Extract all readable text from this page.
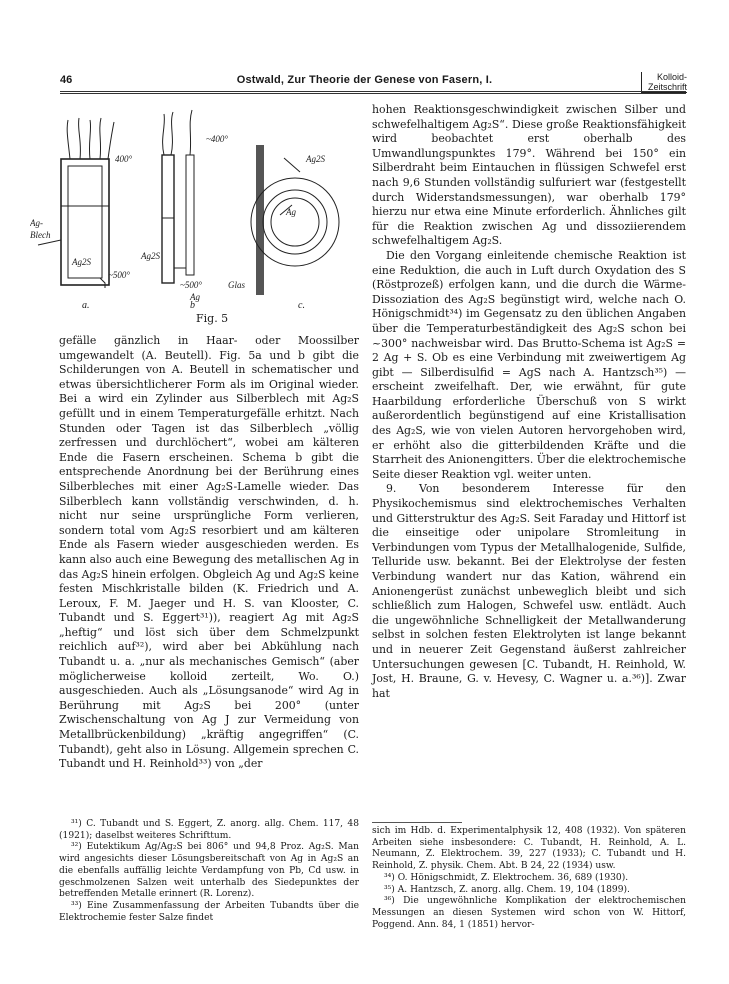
46	Ostwald, Zur Theorie der Genese von Fasern, I.	Kolloid-
Zeitschrift
400°
~400°
Ag-
Blech
Ag2S
Ag2S
Ag2S
Ag
~500°
~500°	Glas
Ag
a.	b	c.
Fig. 5

gefälle gänzlich in Haar- oder Moossilber umgewandelt (A. Beutell). Fig. 5a und b gibt die Schilderungen von A. Beutell in schematischer und etwas übersichtlicherer Form als im Original wieder. Bei a wird ein Zylinder aus Silberblech mit Ag₂S gefüllt und in einem Temperaturgefälle erhitzt. Nach Stunden oder Tagen ist das Silberblech „völlig zerfressen und durchlöchert“, wobei am kälteren Ende die Fasern erscheinen. Schema b gibt die entsprechende Anordnung bei der Berührung eines Silberbleches mit einer Ag₂S-Lamelle wieder. Das Silberblech kann vollständig verschwinden, d. h. nicht nur seine ursprüngliche Form verlieren, sondern total vom Ag₂S resorbiert und am kälteren Ende als Fasern wieder ausgeschieden werden. Es kann also auch eine Bewegung des metallischen Ag in das Ag₂S hinein erfolgen. Obgleich Ag und Ag₂S keine festen Mischkristalle bilden (K. Friedrich und A. Leroux, F. M. Jaeger und H. S. van Klooster, C. Tubandt und S. Eggert³¹)), reagiert Ag mit Ag₂S „heftig“ und löst sich über dem Schmelzpunkt reichlich auf³²), wird aber bei Abkühlung nach Tubandt u. a. „nur als mechanisches Gemisch“ (aber möglicherweise kolloid zerteilt, Wo. O.) ausgeschieden. Auch als „Lösungsanode“ wird Ag in Berührung mit Ag₂S bei 200° (unter Zwischenschaltung von Ag J zur Vermeidung von Metallbrückenbildung) „kräftig angegriffen“ (C. Tubandt), geht also in Lösung. Allgemein sprechen C. Tubandt und H. Reinhold³³) von „der

hohen Reaktionsgeschwindigkeit zwischen Silber und schwefelhaltigem Ag₂S“. Diese große Reaktionsfähigkeit wird beobachtet erst oberhalb des Umwandlungspunktes 179°. Während bei 150° ein Silberdraht beim Eintauchen in flüssigen Schwefel erst nach 9,6 Stunden vollständig sulfuriert war (festgestellt durch Widerstandsmessungen), war oberhalb 179° hierzu nur etwa eine Minute erforderlich. Ähnliches gilt für die Reaktion zwischen Ag und dissoziierendem schwefelhaltigem Ag₂S.

Die den Vorgang einleitende chemische Reaktion ist eine Reduktion, die auch in Luft durch Oxydation des S (Röstprozeß) erfolgen kann, und die durch die Wärme-Dissoziation des Ag₂S begünstigt wird, welche nach O. Hönigschmidt³⁴) im Gegensatz zu den üblichen Angaben über die Temperaturbeständigkeit des Ag₂S schon bei ~300° nachweisbar wird. Das Brutto-Schema ist Ag₂S = 2 Ag + S. Ob es eine Verbindung mit zweiwertigem Ag gibt — Silberdisulfid = AgS nach A. Hantzsch³⁵) — erscheint zweifelhaft. Der, wie erwähnt, für gute Haarbildung erforderliche Überschuß von S wirkt außerordentlich begünstigend auf eine Kristallisation des Ag₂S, wie von vielen Autoren hervorgehoben wird, er erhöht also die gitterbildenden Kräfte und die Starrheit des Anionengitters. Über die elektrochemische Seite dieser Reaktion vgl. weiter unten.

9. Von besonderem Interesse für den Physikochemismus sind elektrochemisches Verhalten und Gitterstruktur des Ag₂S. Seit Faraday und Hittorf ist die einseitige oder unipolare Stromleitung in Verbindungen vom Typus der Metallhalogenide, Sulfide, Telluride usw. bekannt. Bei der Elektrolyse der festen Verbindung wandert nur das Kation, während ein Anionengerüst zunächst unbeweglich bleibt und sich schließlich zum Halogen, Schwefel usw. entlädt. Auch die ungewöhnliche Schnelligkeit der Metallwanderung selbst in solchen festen Elektrolyten ist lange bekannt und in neuerer Zeit Gegenstand äußerst zahlreicher Untersuchungen gewesen [C. Tubandt, H. Reinhold, W. Jost, H. Braune, G. v. Hevesy, C. Wagner u. a.³⁶)]. Zwar hat

³¹) C. Tubandt und S. Eggert, Z. anorg. allg. Chem. 117, 48 (1921); daselbst weiteres Schrifttum.

³²) Eutektikum Ag/Ag₂S bei 806° und 94,8 Proz. Ag₂S. Man wird angesichts dieser Lösungsbereitschaft von Ag in Ag₂S an die ebenfalls auffällig leichte Verdampfung von Pb, Cd usw. in geschmolzenen Salzen weit unterhalb des Siedepunktes der betreffenden Metalle erinnert (R. Lorenz).

³³) Eine Zusammenfassung der Arbeiten Tubandts über die Elektrochemie fester Salze findet

sich im Hdb. d. Experimentalphysik 12, 408 (1932). Von späteren Arbeiten siehe insbesondere: C. Tubandt, H. Reinhold, A. L. Neumann, Z. Elektrochem. 39, 227 (1933); C. Tubandt und H. Reinhold, Z. physik. Chem. Abt. B 24, 22 (1934) usw.

³⁴) O. Hönigschmidt, Z. Elektrochem. 36, 689 (1930).

³⁵) A. Hantzsch, Z. anorg. allg. Chem. 19, 104 (1899).

³⁶) Die ungewöhnliche Komplikation der elektrochemischen Messungen an diesen Systemen wird schon von W. Hittorf, Poggend. Ann. 84, 1 (1851) hervor-
